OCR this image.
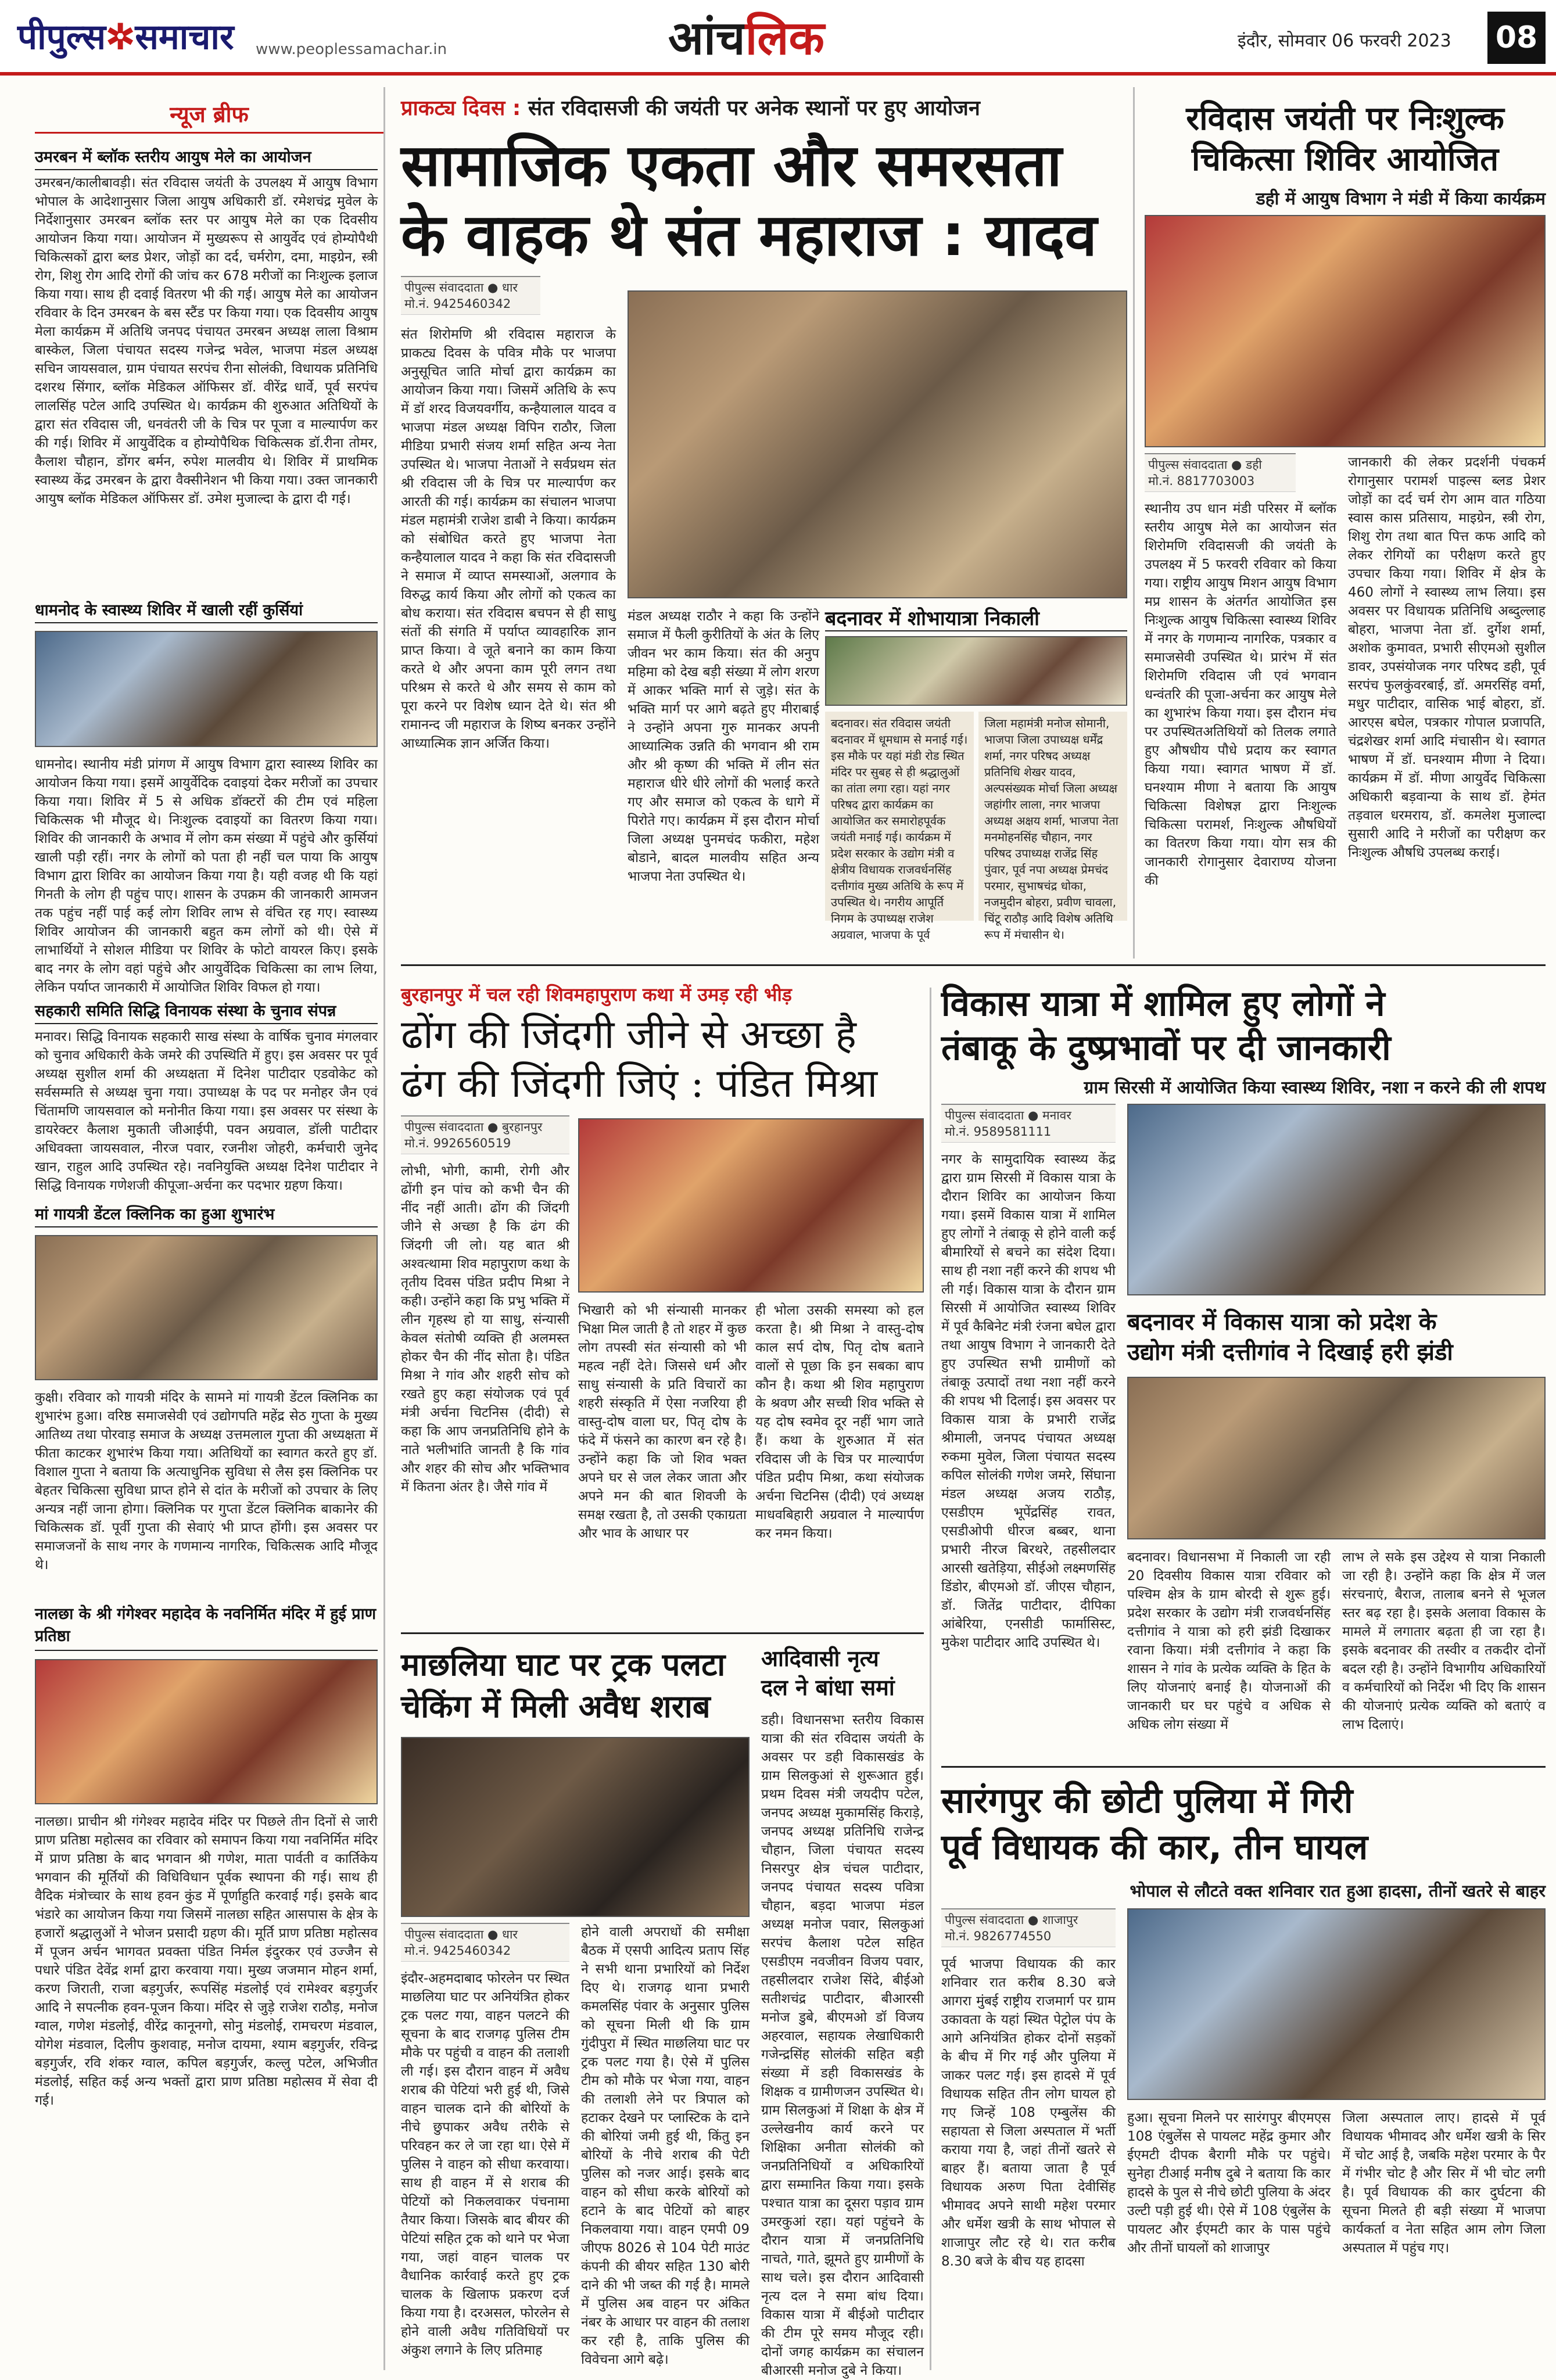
पीपुल्स✲समाचार www.peoplessamachar.in	आंचलिक	इंदौर, सोमवार 06 फरवरी 2023 08
न्यूज ब्रीफ
उमरबन में ब्लॉक स्तरीय आयुष मेले का आयोजन
उमरबन/कालीबावड़ी। संत रविदास जयंती के उपलक्ष्य में आयुष विभाग भोपाल के आदेशानुसार जिला आयुष अधिकारी डॉ. रमेशचंद्र मुवेल के निर्देशानुसार उमरबन ब्लॉक स्तर पर आयुष मेले का एक दिवसीय आयोजन किया गया। आयोजन में मुख्यरूप से आयुर्वेद एवं होम्योपैथी चिकित्सकों द्वारा ब्लड प्रेशर, जोड़ों का दर्द, चर्मरोग, दमा, माइग्रेन, स्त्री रोग, शिशु रोग आदि रोगों की जांच कर 678 मरीजों का निःशुल्क इलाज किया गया। साथ ही दवाई वितरण भी की गई। आयुष मेले का आयोजन रविवार के दिन उमरबन के बस स्टैंड पर किया गया। एक दिवसीय आयुष मेला कार्यक्रम में अतिथि जनपद पंचायत उमरबन अध्यक्ष लाला विश्राम बास्केल, जिला पंचायत सदस्य गजेन्द्र भवेल, भाजपा मंडल अध्यक्ष सचिन जायसवाल, ग्राम पंचायत सरपंच रीना सोलंकी, विधायक प्रतिनिधि दशरथ सिंगार, ब्लॉक मेडिकल ऑफिसर डॉ. वीरेंद्र धार्वे, पूर्व सरपंच लालसिंह पटेल आदि उपस्थित थे। कार्यक्रम की शुरुआत अतिथियों के द्वारा संत रविदास जी, धनवंतरी जी के चित्र पर पूजा व माल्यार्पण कर की गई। शिविर में आयुर्वेदिक व होम्योपैथिक चिकित्सक डॉ.रीना तोमर, कैलाश चौहान, डोंगर बर्मन, रुपेश मालवीय थे। शिविर में प्राथमिक स्वास्थ्य केंद्र उमरबन के द्वारा वैक्सीनेशन भी किया गया। उक्त जानकारी आयुष ब्लॉक मेडिकल ऑफिसर डॉ. उमेश मुजाल्दा के द्वारा दी गई।
धामनोद के स्वास्थ्य शिविर में खाली रहीं कुर्सियां
धामनोद। स्थानीय मंडी प्रांगण में आयुष विभाग द्वारा स्वास्थ्य शिविर का आयोजन किया गया। इसमें आयुर्वेदिक दवाइयां देकर मरीजों का उपचार किया गया। शिविर में 5 से अधिक डॉक्टरों की टीम एवं महिला चिकित्सक भी मौजूद थे। निःशुल्क दवाइयों का वितरण किया गया। शिविर की जानकारी के अभाव में लोग कम संख्या में पहुंचे और कुर्सियां खाली पड़ी रहीं। नगर के लोगों को पता ही नहीं चल पाया कि आयुष विभाग द्वारा शिविर का आयोजन किया गया है। यही वजह थी कि यहां गिनती के लोग ही पहुंच पाए। शासन के उपक्रम की जानकारी आमजन तक पहुंच नहीं पाई कई लोग शिविर लाभ से वंचित रह गए। स्वास्थ्य शिविर आयोजन की जानकारी बहुत कम लोगों को थी। ऐसे में लाभार्थियों ने सोशल मीडिया पर शिविर के फोटो वायरल किए। इसके बाद नगर के लोग वहां पहुंचे और आयुर्वेदिक चिकित्सा का लाभ लिया, लेकिन पर्याप्त जानकारी में आयोजित शिविर विफल हो गया।
सहकारी समिति सिद्धि विनायक संस्था के चुनाव संपन्न
मनावर। सिद्धि विनायक सहकारी साख संस्था के वार्षिक चुनाव मंगलवार को चुनाव अधिकारी केके जमरे की उपस्थिति में हुए। इस अवसर पर पूर्व अध्यक्ष सुशील शर्मा की अध्यक्षता में दिनेश पाटीदार एडवोकेट को सर्वसम्मति से अध्यक्ष चुना गया। उपाध्यक्ष के पद पर मनोहर जैन एवं चिंतामणि जायसवाल को मनोनीत किया गया। इस अवसर पर संस्था के डायरेक्टर कैलाश मुकाती जीआईपी, पवन अग्रवाल, डॉली पाटीदार अधिवक्ता जायसवाल, नीरज पवार, रजनीश जोहरी, कर्मचारी जुनेद खान, राहुल आदि उपस्थित रहे। नवनियुक्ति अध्यक्ष दिनेश पाटीदार ने सिद्धि विनायक गणेशजी कीपूजा-अर्चना कर पदभार ग्रहण किया।
मां गायत्री डेंटल क्लिनिक का हुआ शुभारंभ
कुक्षी। रविवार को गायत्री मंदिर के सामने मां गायत्री डेंटल क्लिनिक का शुभारंभ हुआ। वरिष्ठ समाजसेवी एवं उद्योगपति महेंद्र सेठ गुप्ता के मुख्य आतिथ्य तथा पोरवाड़ समाज के अध्यक्ष उत्तमलाल गुप्ता की अध्यक्षता में फीता काटकर शुभारंभ किया गया। अतिथियों का स्वागत करते हुए डॉ. विशाल गुप्ता ने बताया कि अत्याधुनिक सुविधा से लैस इस क्लिनिक पर बेहतर चिकित्सा सुविधा प्राप्त होने से दांत के मरीजों को उपचार के लिए अन्यत्र नहीं जाना होगा। क्लिनिक पर गुप्ता डेंटल क्लिनिक बाकानेर की चिकित्सक डॉ. पूर्वी गुप्ता की सेवाएं भी प्राप्त होंगी। इस अवसर पर समाजजनों के साथ नगर के गणमान्य नागरिक, चिकित्सक आदि मौजूद थे।
नालछा के श्री गंगेश्वर महादेव के नवनिर्मित मंदिर में हुई प्राण प्रतिष्ठा
नालछा। प्राचीन श्री गंगेश्वर महादेव मंदिर पर पिछले तीन दिनों से जारी प्राण प्रतिष्ठा महोत्सव का रविवार को समापन किया गया नवनिर्मित मंदिर में प्राण प्रतिष्ठा के बाद भगवान श्री गणेश, माता पार्वती व कार्तिकेय भगवान की मूर्तियों की विधिविधान पूर्वक स्थापना की गई। साथ ही वैदिक मंत्रोच्चार के साथ हवन कुंड में पूर्णाहुति करवाई गई। इसके बाद भंडारे का आयोजन किया गया जिसमें नालछा सहित आसपास के क्षेत्र के हजारों श्रद्धालुओं ने भोजन प्रसादी ग्रहण की। मूर्ति प्राण प्रतिष्ठा महोत्सव में पूजन अर्चन भागवत प्रवक्ता पंडित निर्मल इंदुरकर एवं उज्जैन से पधारे पंडित देवेंद्र शर्मा द्वारा करवाया गया। मुख्य जजमान मोहन शर्मा, करण जिराती, राजा बड़गुर्जर, रूपसिंह मंडलोई एवं रामेश्वर बड़गुर्जर आदि ने सपत्नीक हवन-पूजन किया। मंदिर से जुड़े राजेश राठौड़, मनोज ग्वाल, गणेश मंडलोई, वीरेंद्र कानूनगो, सोनु मंडलोई, रामचरण मंडवाल, योगेश मंडवाल, दिलीप कुशवाह, मनोज दायमा, श्याम बड़गुर्जर, रविन्द्र बड़गुर्जर, रवि शंकर ग्वाल, कपिल बड़गुर्जर, कल्लु पटेल, अभिजीत मंडलोई, सहित कई अन्य भक्तों द्वारा प्राण प्रतिष्ठा महोत्सव में सेवा दी गई।
प्राकट्य दिवस : संत रविदासजी की जयंती पर अनेक स्थानों पर हुए आयोजन
सामाजिक एकता और समरसता
के वाहक थे संत महाराज : यादव
पीपुल्स संवाददाता ● धार
मो.नं. 9425460342
संत शिरोमणि श्री रविदास महाराज के प्राकट्य दिवस के पवित्र मौके पर भाजपा अनुसूचित जाति मोर्चा द्वारा कार्यक्रम का आयोजन किया गया। जिसमें अतिथि के रूप में डॉ शरद विजयवर्गीय, कन्हैयालाल यादव व भाजपा मंडल अध्यक्ष विपिन राठौर, जिला मीडिया प्रभारी संजय शर्मा सहित अन्य नेता उपस्थित थे। भाजपा नेताओं ने सर्वप्रथम संत श्री रविदास जी के चित्र पर माल्यार्पण कर आरती की गई। कार्यक्रम का संचालन भाजपा मंडल महामंत्री राजेश डाबी ने किया। कार्यक्रम को संबोधित करते हुए भाजपा नेता कन्हैयालाल यादव ने कहा कि संत रविदासजी ने समाज में व्याप्त समस्याओं, अलगाव के विरुद्ध कार्य किया और लोगों को एकत्व का बोध कराया। संत रविदास बचपन से ही साधु संतों की संगति में पर्याप्त व्यावहारिक ज्ञान प्राप्त किया। वे जूते बनाने का काम किया करते थे और अपना काम पूरी लगन तथा परिश्रम से करते थे और समय से काम को पूरा करने पर विशेष ध्यान देते थे। संत श्री रामानन्द जी महाराज के शिष्य बनकर उन्होंने आध्यात्मिक ज्ञान अर्जित किया।
मंडल अध्यक्ष राठौर ने कहा कि उन्होंने समाज में फैली कुरीतियों के अंत के लिए जीवन भर काम किया। संत की अनुप महिमा को देख बड़ी संख्या में लोग शरण में आकर भक्ति मार्ग से जुड़े। संत के भक्ति मार्ग पर आगे बढ़ते हुए मीराबाई ने उन्होंने अपना गुरु मानकर अपनी आध्यात्मिक उन्नति की भगवान श्री राम और श्री कृष्ण की भक्ति में लीन संत महाराज धीरे धीरे लोगों की भलाई करते गए और समाज को एकत्व के धागे में पिरोते गए। कार्यक्रम में इस दौरान मोर्चा जिला अध्यक्ष पुनमचंद फकीरा, महेश बोडाने, बादल मालवीय सहित अन्य भाजपा नेता उपस्थित थे।
बदनावर में शोभायात्रा निकाली
बदनावर। संत रविदास जयंती बदनावर में धूमधाम से मनाई गई। इस मौके पर यहां मंडी रोड स्थित मंदिर पर सुबह से ही श्रद्धालुओं का तांता लगा रहा। यहां नगर परिषद द्वारा कार्यक्रम का आयोजित कर समारोहपूर्वक जयंती मनाई गई। कार्यक्रम में प्रदेश सरकार के उद्योग मंत्री व क्षेत्रीय विधायक राजवर्धनसिंह दत्तीगांव मुख्य अतिथि के रूप में उपस्थित थे। नगरीय आपूर्ति निगम के उपाध्यक्ष राजेश अग्रवाल, भाजपा के पूर्व
जिला महामंत्री मनोज सोमानी, भाजपा जिला उपाध्यक्ष धर्मेंद्र शर्मा, नगर परिषद अध्यक्ष प्रतिनिधि शेखर यादव, अल्पसंख्यक मोर्चा जिला अध्यक्ष जहांगीर लाला, नगर भाजपा अध्यक्ष अक्षय शर्मा, भाजपा नेता मनमोहनसिंह चौहान, नगर परिषद उपाध्यक्ष राजेंद्र सिंह पुंवार, पूर्व नपा अध्यक्ष प्रेमचंद परमार, सुभाषचंद्र धोका, नजमुदीन बोहरा, प्रवीण चावला, चिंटू राठौड़ आदि विशेष अतिथि रूप में मंचासीन थे।
रविदास जयंती पर निःशुल्क
चिकित्सा शिविर आयोजित
डही में आयुष विभाग ने मंडी में किया कार्यक्रम
पीपुल्स संवाददाता ● डही
मो.नं. 8817703003
स्थानीय उप धान मंडी परिसर में ब्लॉक स्तरीय आयुष मेले का आयोजन संत शिरोमणि रविदासजी की जयंती के उपलक्ष्य में 5 फरवरी रविवार को किया गया। राष्ट्रीय आयुष मिशन आयुष विभाग मप्र शासन के अंतर्गत आयोजित इस निःशुल्क आयुष चिकित्सा स्वास्थ्य शिविर में नगर के गणमान्य नागरिक, पत्रकार व समाजसेवी उपस्थित थे। प्रारंभ में संत शिरोमणि रविदास जी एवं भगवान धन्वंतरि की पूजा-अर्चना कर आयुष मेले का शुभारंभ किया गया। इस दौरान मंच पर उपस्थितअतिथियों को तिलक लगाते हुए औषधीय पौधे प्रदाय कर स्वागत किया गया। स्वागत भाषण में डॉ. घनश्याम मीणा ने बताया कि आयुष चिकित्सा विशेषज्ञ द्वारा निःशुल्क चिकित्सा परामर्श, निःशुल्क औषधियों का वितरण किया गया। योग सत्र की जानकारी रोगानुसार देवाराण्य योजना की
जानकारी की लेकर प्रदर्शनी पंचकर्म रोगानुसार परामर्श पाइल्स ब्लड प्रेशर जोड़ों का दर्द चर्म रोग आम वात गठिया स्वास कास प्रतिसाय, माइग्रेन, स्त्री रोग, शिशु रोग तथा बात पित्त कफ आदि को लेकर रोगियों का परीक्षण करते हुए उपचार किया गया। शिविर में क्षेत्र के 460 लोगों ने स्वास्थ्य लाभ लिया। इस अवसर पर विधायक प्रतिनिधि अब्दुल्लाह बोहरा, भाजपा नेता डॉ. दुर्गेश शर्मा, अशोक कुमावत, प्रभारी सीएमओ सुशील डावर, उपसंयोजक नगर परिषद डही, पूर्व सरपंच फुलकुंवरबाई, डॉ. अमरसिंह वर्मा, मधुर पाटीदार, वासिक भाई बोहरा, डॉ. आरएस बघेल, पत्रकार गोपाल प्रजापति, चंद्रशेखर शर्मा आदि मंचासीन थे। स्वागत भाषण में डॉ. घनश्याम मीणा ने दिया। कार्यक्रम में डॉ. मीणा आयुर्वेद चिकित्सा अधिकारी बड़वान्या के साथ डॉ. हेमंत तड़वाल धरमराय, डॉ. कमलेश मुजाल्दा सुसारी आदि ने मरीजों का परीक्षण कर निःशुल्क औषधि उपलब्ध कराई।
बुरहानपुर में चल रही शिवमहापुराण कथा में उमड़ रही भीड़
ढोंग की जिंदगी जीने से अच्छा है
ढंग की जिंदगी जिएं : पंडित मिश्रा
पीपुल्स संवाददाता ● बुरहानपुर
मो.नं. 9926560519
लोभी, भोगी, कामी, रोगी और ढोंगी इन पांच को कभी चैन की नींद नहीं आती। ढोंग की जिंदगी जीने से अच्छा है कि ढंग की जिंदगी जी लो। यह बात श्री अश्वत्थामा शिव महापुराण कथा के तृतीय दिवस पंडित प्रदीप मिश्रा ने कही। उन्होंने कहा कि प्रभु भक्ति में लीन गृहस्थ हो या साधु, संन्यासी केवल संतोषी व्यक्ति ही अलमस्त होकर चैन की नींद सोता है। पंडित मिश्रा ने गांव और शहरी सोच को रखते हुए कहा संयोजक एवं पूर्व मंत्री अर्चना चिटनिस (दीदी) से कहा कि आप जनप्रतिनिधि होने के नाते भलीभांति जानती है कि गांव और शहर की सोच और भक्तिभाव में कितना अंतर है। जैसे गांव में
भिखारी को भी संन्यासी मानकर भिक्षा मिल जाती है तो शहर में कुछ लोग तपस्वी संत संन्यासी को भी महत्व नहीं देते। जिससे धर्म और साधु संन्यासी के प्रति विचारों का शहरी संस्कृति में ऐसा नजरिया ही वास्तु-दोष वाला घर, पितृ दोष के फंदे में फंसने का कारण बन रहे है। उन्होंने कहा कि जो शिव भक्त अपने घर से जल लेकर जाता और अपने मन की बात शिवजी के समक्ष रखता है, तो उसकी एकाग्रता और भाव के आधार पर
ही भोला उसकी समस्या को हल करता है। श्री मिश्रा ने वास्तु-दोष काल सर्प दोष, पितृ दोष बताने वालों से पूछा कि इन सबका बाप कौन है। कथा श्री शिव महापुराण के श्रवण और सच्ची शिव भक्ति से यह दोष स्वमेव दूर नहीं भाग जाते हैं। कथा के शुरुआत में संत रविदास जी के चित्र पर माल्यार्पण पंडित प्रदीप मिश्रा, कथा संयोजक अर्चना चिटनिस (दीदी) एवं अध्यक्ष माधवबिहारी अग्रवाल ने माल्यार्पण कर नमन किया।
विकास यात्रा में शामिल हुए लोगों ने
तंबाकू के दुष्प्रभावों पर दी जानकारी
ग्राम सिरसी में आयोजित किया स्वास्थ्य शिविर, नशा न करने की ली शपथ
पीपुल्स संवाददाता ● मनावर
मो.नं. 9589581111
नगर के सामुदायिक स्वास्थ्य केंद्र द्वारा ग्राम सिरसी में विकास यात्रा के दौरान शिविर का आयोजन किया गया। इसमें विकास यात्रा में शामिल हुए लोगों ने तंबाकू से होने वाली कई बीमारियों से बचने का संदेश दिया। साथ ही नशा नहीं करने की शपथ भी ली गई। विकास यात्रा के दौरान ग्राम सिरसी में आयोजित स्वास्थ्य शिविर में पूर्व कैबिनेट मंत्री रंजना बघेल द्वारा तथा आयुष विभाग ने जानकारी देते हुए उपस्थित सभी ग्रामीणों को तंबाकू उत्पादों तथा नशा नहीं करने की शपथ भी दिलाई। इस अवसर पर विकास यात्रा के प्रभारी राजेंद्र श्रीमाली, जनपद पंचायत अध्यक्ष रुकमा मुवेल, जिला पंचायत सदस्य कपिल सोलंकी गणेश जमरे, सिंघाना मंडल अध्यक्ष अजय राठौड़, एसडीएम भूपेंद्रसिंह रावत, एसडीओपी धीरज बब्बर, थाना प्रभारी नीरज बिरथरे, तहसीलदार आरसी खतेड़िया, सीईओ लक्ष्मणसिंह डिंडोर, बीएमओ डॉ. जीएस चौहान, डॉ. जितेंद्र पाटीदार, दीपिका आंबेरिया, एनसीडी फार्मासिस्ट, मुकेश पाटीदार आदि उपस्थित थे।
बदनावर में विकास यात्रा को प्रदेश के
उद्योग मंत्री दत्तीगांव ने दिखाई हरी झंडी
बदनावर। विधानसभा में निकाली जा रही 20 दिवसीय विकास यात्रा रविवार को पश्चिम क्षेत्र के ग्राम बोरदी से शुरू हुई। प्रदेश सरकार के उद्योग मंत्री राजवर्धनसिंह दत्तीगांव ने यात्रा को हरी झंडी दिखाकर रवाना किया। मंत्री दत्तीगांव ने कहा कि शासन ने गांव के प्रत्येक व्यक्ति के हित के लिए योजनाएं बनाई है। योजनाओं की जानकारी घर घर पहुंचे व अधिक से अधिक लोग संख्या में
लाभ ले सके इस उद्देश्य से यात्रा निकाली जा रही है। उन्होंने कहा कि क्षेत्र में जल संरचनाएं, बैराज, तालाब बनने से भूजल स्तर बढ़ रहा है। इसके अलावा विकास के मामले में लगातार बढ़ता ही जा रहा है। इसके बदनावर की तस्वीर व तकदीर दोनों बदल रही है। उन्होंने विभागीय अधिकारियों व कर्मचारियों को निर्देश भी दिए कि शासन की योजनाएं प्रत्येक व्यक्ति को बताएं व लाभ दिलाएं।
माछलिया घाट पर ट्रक पलटा
चेकिंग में मिली अवैध शराब
पीपुल्स संवाददाता ● धार
मो.नं. 9425460342
इंदौर-अहमदाबाद फोरलेन पर स्थित माछलिया घाट पर अनियंत्रित होकर ट्रक पलट गया, वाहन पलटने की सूचना के बाद राजगढ़ पुलिस टीम मौके पर पहुंची व वाहन की तलाशी ली गई। इस दौरान वाहन में अवैध शराब की पेटियां भरी हुई थी, जिसे वाहन चालक दाने की बोरियों के नीचे छुपाकर अवैध तरीके से परिवहन कर ले जा रहा था। ऐसे में पुलिस ने वाहन को सीधा करवाया। साथ ही वाहन में से शराब की पेटियों को निकलवाकर पंचनामा तैयार किया। जिसके बाद बीयर की पेटियां सहित ट्रक को थाने पर भेजा गया, जहां वाहन चालक पर वैधानिक कार्रवाई करते हुए ट्रक चालक के खिलाफ प्रकरण दर्ज किया गया है। दरअसल, फोरलेन से होने वाली अवैध गतिविधियों पर अंकुश लगाने के लिए प्रतिमाह
होने वाली अपराधों की समीक्षा बैठक में एसपी आदित्य प्रताप सिंह ने सभी थाना प्रभारियों को निर्देश दिए थे। राजगढ़ थाना प्रभारी कमलसिंह पंवार के अनुसार पुलिस को सूचना मिली थी कि ग्राम गुंदीपुरा में स्थित माछलिया घाट पर ट्रक पलट गया है। ऐसे में पुलिस टीम को मौके पर भेजा गया, वाहन की तलाशी लेने पर त्रिपाल को हटाकर देखने पर प्लास्टिक के दाने की बोरियां जमी हुई थी, किंतु इन बोरियों के नीचे शराब की पेटी पुलिस को नजर आई। इसके बाद वाहन को सीधा करके बोरियों को हटाने के बाद पेटियों को बाहर निकलवाया गया। वाहन एमपी 09 जीएफ 8026 से 104 पेटी माउंट कंपनी की बीयर सहित 130 बोरी दाने की भी जब्त की गई है। मामले में पुलिस अब वाहन पर अंकित नंबर के आधार पर वाहन की तलाश कर रही है, ताकि पुलिस की विवेचना आगे बढ़े।
आदिवासी नृत्य
दल ने बांधा समां
डही। विधानसभा स्तरीय विकास यात्रा की संत रविदास जयंती के अवसर पर डही विकासखंड के ग्राम सिलकुआं से शुरूआत हुई। प्रथम दिवस मंत्री जयदीप पटेल, जनपद अध्यक्ष मुकामसिंह किराड़े, जनपद अध्यक्ष प्रतिनिधि राजेन्द्र चौहान, जिला पंचायत सदस्य निसरपुर क्षेत्र चंचल पाटीदार, जनपद पंचायत सदस्य पवित्रा चौहान, बड़दा भाजपा मंडल अध्यक्ष मनोज पवार, सिलकुआं सरपंच कैलाश पटेल सहित एसडीएम नवजीवन विजय पवार, तहसीलदार राजेश सिंदे, बीईओ सतीशचंद्र पाटीदार, बीआरसी मनोज डुबे, बीएमओ डॉ विजय अहरवाल, सहायक लेखाधिकारी गजेन्द्रसिंह सोलंकी सहित बड़ी संख्या में डही विकासखंड के शिक्षक व ग्रामीणजन उपस्थित थे। ग्राम सिलकुआं में शिक्षा के क्षेत्र में उल्लेखनीय कार्य करने पर शिक्षिका अनीता सोलंकी को जनप्रतिनिधियों व अधिकारियों द्वारा सम्मानित किया गया। इसके पश्चात यात्रा का दूसरा पड़ाव ग्राम उमरकुआं रहा। यहां पहुंचने के दौरान यात्रा में जनप्रतिनिधि नाचते, गाते, झूमते हुए ग्रामीणों के साथ चले। इस दौरान आदिवासी नृत्य दल ने समा बांध दिया। विकास यात्रा में बीईओ पाटीदार की टीम पूरे समय मौजूद रही। दोनों जगह कार्यक्रम का संचालन बीआरसी मनोज दुबे ने किया।
सारंगपुर की छोटी पुलिया में गिरी
पूर्व विधायक की कार, तीन घायल
भोपाल से लौटते वक्त शनिवार रात हुआ हादसा, तीनों खतरे से बाहर
पीपुल्स संवाददाता ● शाजापुर
मो.नं. 9826774550
पूर्व भाजपा विधायक की कार शनिवार रात करीब 8.30 बजे आगरा मुंबई राष्ट्रीय राजमार्ग पर ग्राम उकावता के यहां स्थित पेट्रोल पंप के आगे अनियंत्रित होकर दोनों सड़कों के बीच में गिर गई और पुलिया में जाकर पलट गई। इस हादसे में पूर्व विधायक सहित तीन लोग घायल हो गए जिन्हें 108 एम्बुलेंस की सहायता से जिला अस्पताल में भर्ती कराया गया है, जहां तीनों खतरे से बाहर हैं। बताया जाता है पूर्व विधायक अरुण पिता देवीसिंह भीमावद अपने साथी महेश परमार और धर्मेश खत्री के साथ भोपाल से शाजापुर लौट रहे थे। रात करीब 8.30 बजे के बीच यह हादसा
हुआ। सूचना मिलने पर सारंगपुर बीएमएस 108 एंबुलेंस से पायलट महेंद्र कुमार और ईएमटी दीपक बैरागी मौके पर पहुंचे। सुनेहा टीआई मनीष दुबे ने बताया कि कार हादसे के पुल से नीचे छोटी पुलिया के अंदर उल्टी पड़ी हुई थी। ऐसे में 108 एंबुलेंस के पायलट और ईएमटी कार के पास पहुंचे और तीनों घायलों को शाजापुर
जिला अस्पताल लाए। हादसे में पूर्व विधायक भीमावद और धर्मेश खत्री के सिर में चोट आई है, जबकि महेश परमार के पैर में गंभीर चोट है और सिर में भी चोट लगी है। पूर्व विधायक की कार दुर्घटना की सूचना मिलते ही बड़ी संख्या में भाजपा कार्यकर्ता व नेता सहित आम लोग जिला अस्पताल में पहुंच गए।
